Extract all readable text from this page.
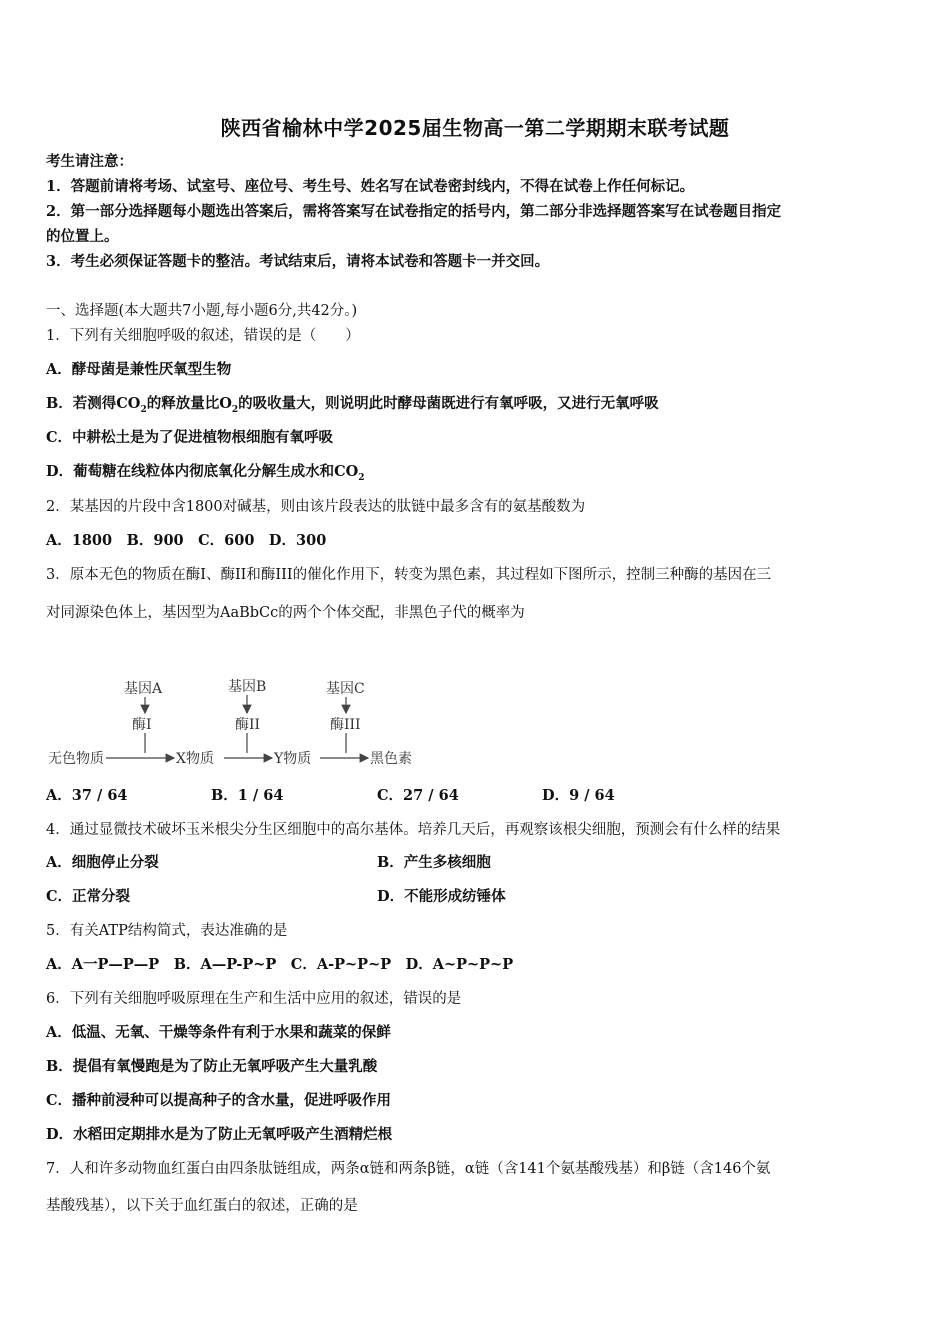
陕西省榆林中学2025届生物高一第二学期期末联考试题
考生请注意：
1．答题前请将考场、试室号、座位号、考生号、姓名写在试卷密封线内，不得在试卷上作任何标记。
2．第一部分选择题每小题选出答案后，需将答案写在试卷指定的括号内，第二部分非选择题答案写在试卷题目指定
的位置上。
3．考生必须保证答题卡的整洁。考试结束后，请将本试卷和答题卡一并交回。
一、选择题(本大题共7小题,每小题6分,共42分。)
1．下列有关细胞呼吸的叙述，错误的是（　　）
A．酵母菌是兼性厌氧型生物
B．若测得$CO_2$的释放量比$O_2$的吸收量大，则说明此时酵母菌既进行有氧呼吸，又进行无氧呼吸
C．中耕松土是为了促进植物根细胞有氧呼吸
D．葡萄糖在线粒体内彻底氧化分解生成水和$CO_2$
2．某基因的片段中含1800对碱基，则由该片段表达的肽链中最多含有的氨基酸数为
A．1800　B．900　C．600　D．300
3．原本无色的物质在酶Ⅰ、酶II和酶III的催化作用下，转变为黑色素，其过程如下图所示，控制三种酶的基因在三
对同源染色体上，基因型为AaBbCc的两个个体交配，非黑色子代的概率为
基因A	基因B	基因C
酶Ⅰ	酶II	酶III
无色物质	X物质	Y物质	黑色素
A．37 / 64	B．1 / 64	C．27 / 64	D．9 / 64
4．通过显微技术破坏玉米根尖分生区细胞中的高尔基体。培养几天后，再观察该根尖细胞，预测会有什么样的结果
A．细胞停止分裂	B．产生多核细胞
C．正常分裂	D．不能形成纺锤体
5．有关ATP结构简式，表达准确的是
A．A一P—P—P　B．A—P-P~P　C．A-P~P~P　D．A~P~P~P
6．下列有关细胞呼吸原理在生产和生活中应用的叙述，错误的是
A．低温、无氧、干燥等条件有利于水果和蔬菜的保鲜
B．提倡有氧慢跑是为了防止无氧呼吸产生大量乳酸
C．播种前浸种可以提高种子的含水量，促进呼吸作用
D．水稻田定期排水是为了防止无氧呼吸产生酒精烂根
7．人和许多动物血红蛋白由四条肽链组成，两条α链和两条β链，α链（含141个氨基酸残基）和β链（含146个氨
基酸残基），以下关于血红蛋白的叙述，正确的是
